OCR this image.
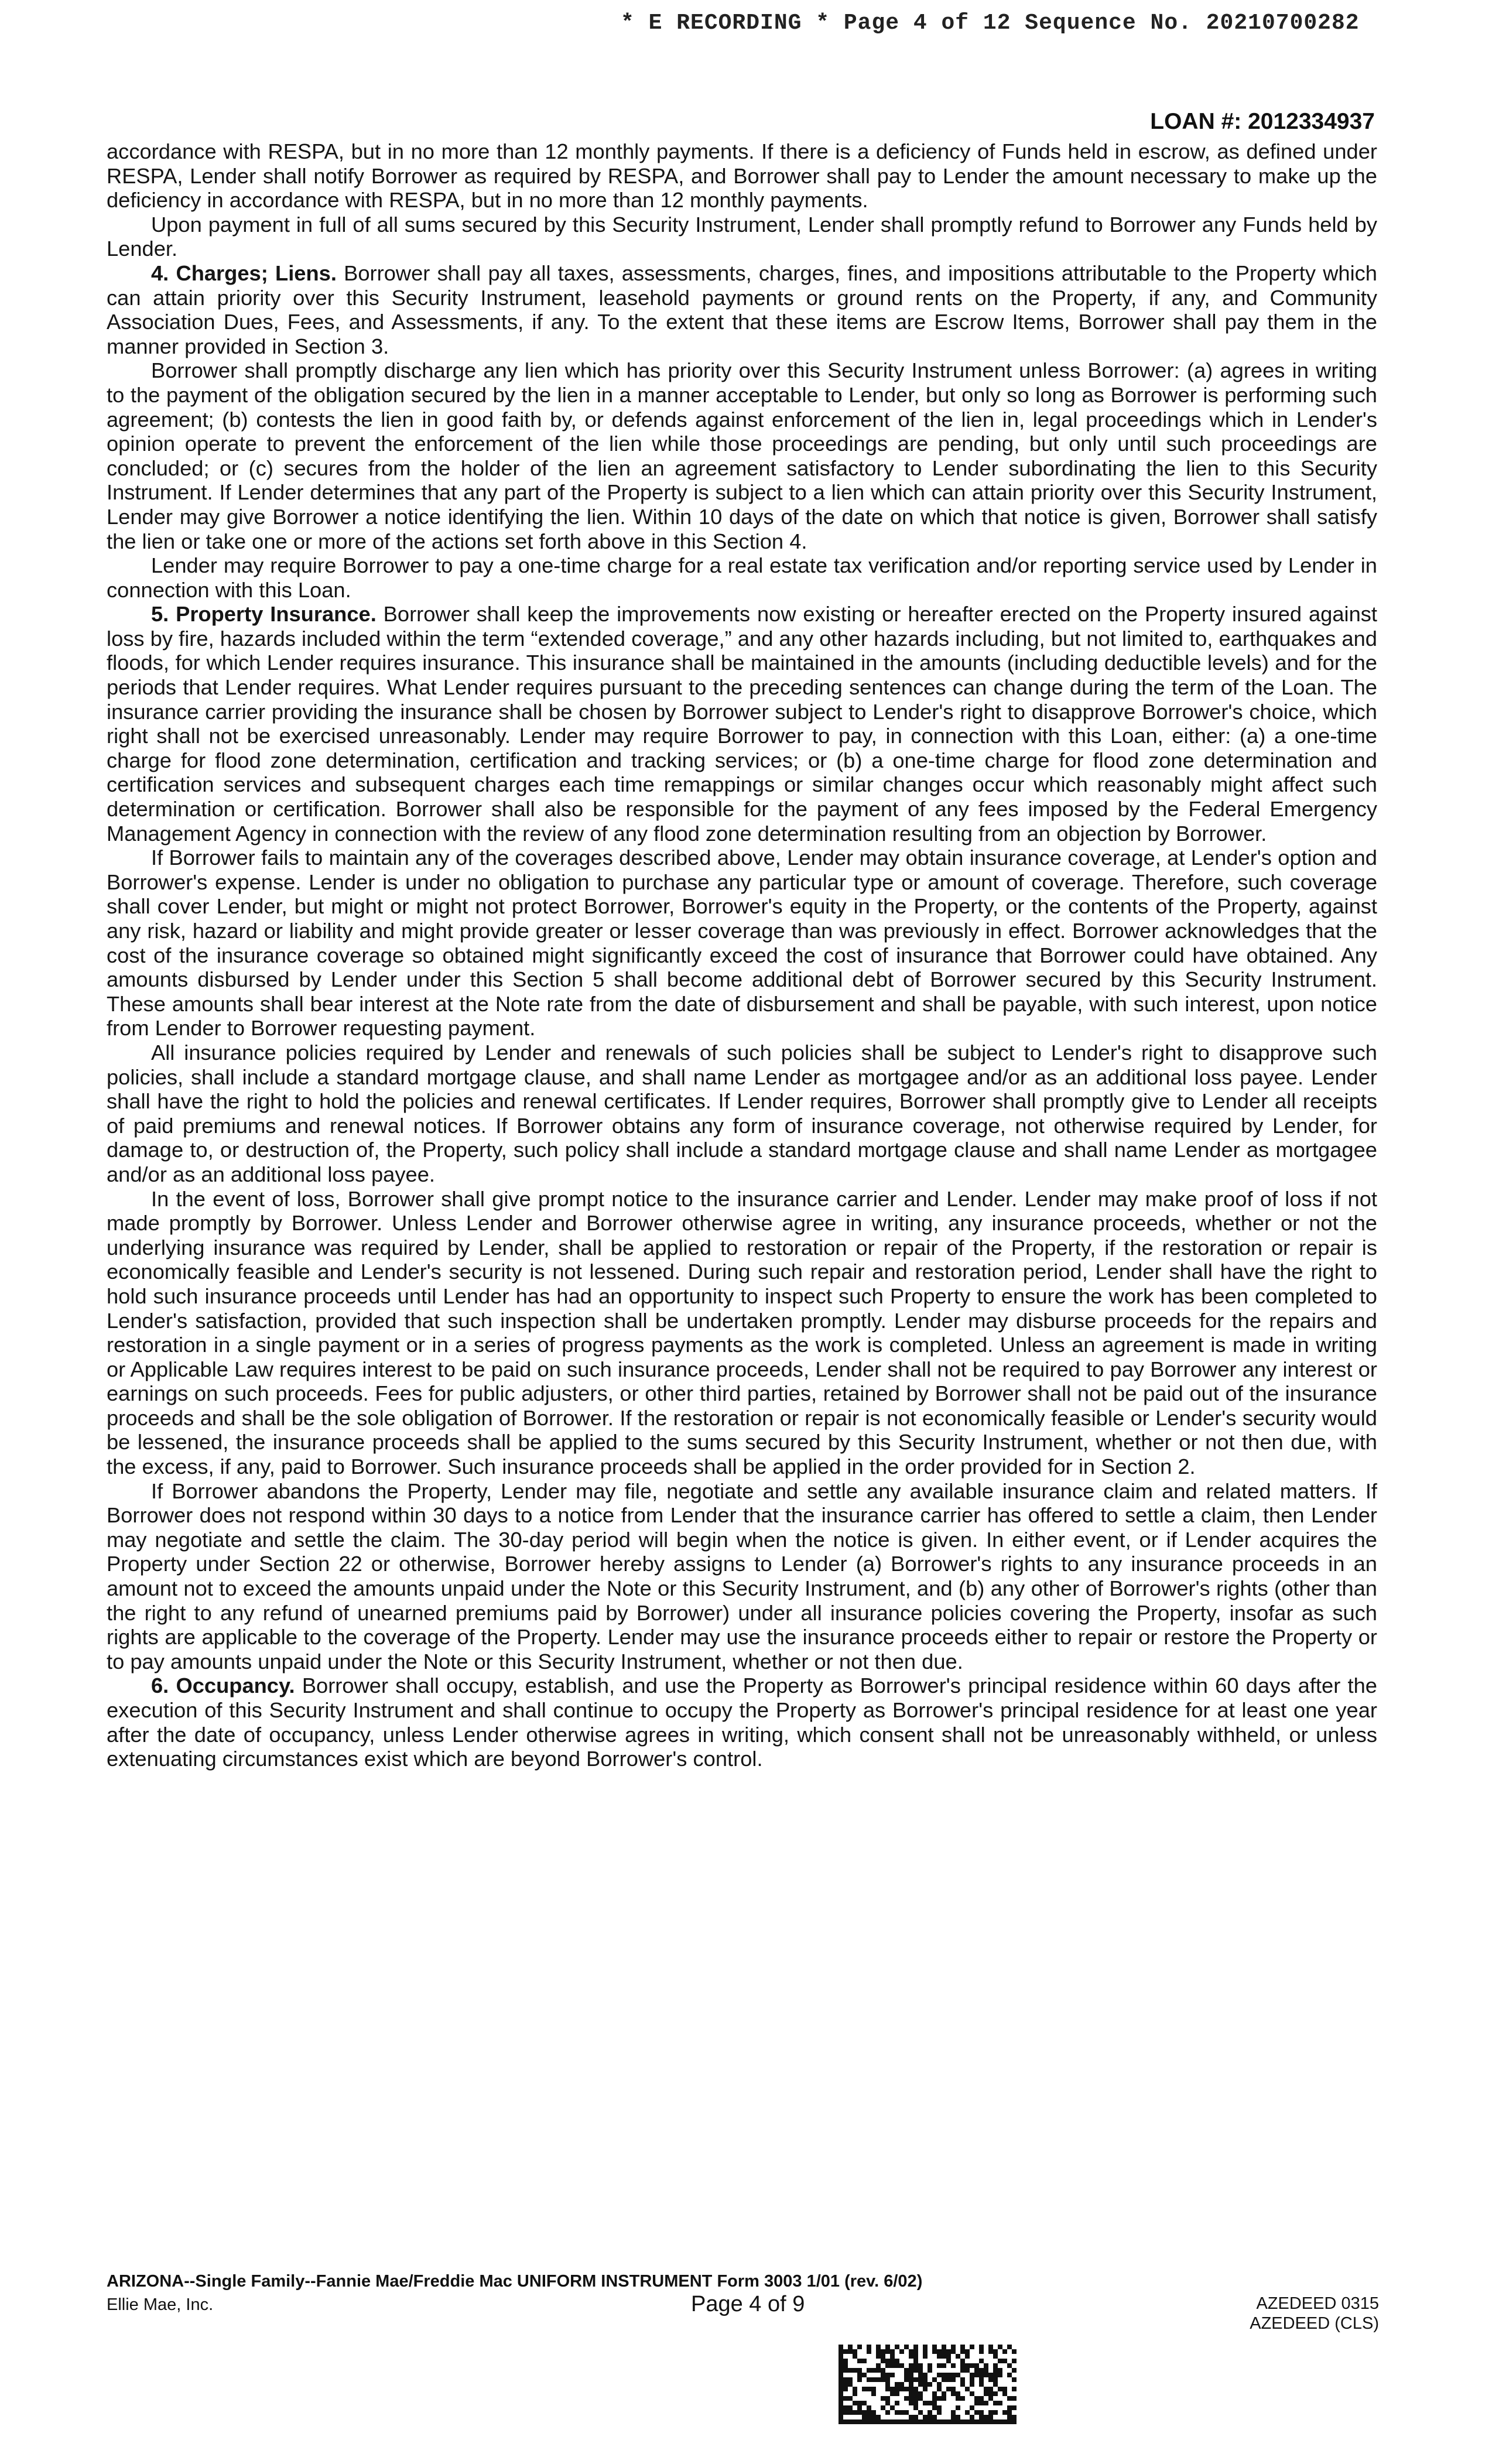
* E RECORDING * Page 4 of 12 Sequence No. 20210700282
LOAN #: 2012334937

accordance with RESPA, but in no more than 12 monthly payments. If there is a deficiency of Funds held in escrow, as defined under RESPA, Lender shall notify Borrower as required by RESPA, and Borrower shall pay to Lender the amount necessary to make up the deficiency in accordance with RESPA, but in no more than 12 monthly payments.

Upon payment in full of all sums secured by this Security Instrument, Lender shall promptly refund to Borrower any Funds held by Lender.

4. Charges; Liens. Borrower shall pay all taxes, assessments, charges, fines, and impositions attributable to the Property which can attain priority over this Security Instrument, leasehold payments or ground rents on the Property, if any, and Community Association Dues, Fees, and Assessments, if any. To the extent that these items are Escrow Items, Borrower shall pay them in the manner provided in Section 3.

Borrower shall promptly discharge any lien which has priority over this Security Instrument unless Borrower: (a) agrees in writing to the payment of the obligation secured by the lien in a manner acceptable to Lender, but only so long as Borrower is performing such agreement; (b) contests the lien in good faith by, or defends against enforcement of the lien in, legal proceedings which in Lender's opinion operate to prevent the enforcement of the lien while those proceedings are pending, but only until such proceedings are concluded; or (c) secures from the holder of the lien an agreement satisfactory to Lender subordinating the lien to this Security Instrument. If Lender determines that any part of the Property is subject to a lien which can attain priority over this Security Instrument, Lender may give Borrower a notice identifying the lien. Within 10 days of the date on which that notice is given, Borrower shall satisfy the lien or take one or more of the actions set forth above in this Section 4.

Lender may require Borrower to pay a one-time charge for a real estate tax verification and/or reporting service used by Lender in connection with this Loan.

5. Property Insurance. Borrower shall keep the improvements now existing or hereafter erected on the Property insured against loss by fire, hazards included within the term “extended coverage,” and any other hazards including, but not limited to, earthquakes and floods, for which Lender requires insurance. This insurance shall be maintained in the amounts (including deductible levels) and for the periods that Lender requires. What Lender requires pursuant to the preceding sentences can change during the term of the Loan. The insurance carrier providing the insurance shall be chosen by Borrower subject to Lender's right to disapprove Borrower's choice, which right shall not be exercised unreasonably. Lender may require Borrower to pay, in connection with this Loan, either: (a) a one-time charge for flood zone determination, certification and tracking services; or (b) a one-time charge for flood zone determination and certification services and subsequent charges each time remappings or similar changes occur which reasonably might affect such determination or certification. Borrower shall also be responsible for the payment of any fees imposed by the Federal Emergency Management Agency in connection with the review of any flood zone determination resulting from an objection by Borrower.

If Borrower fails to maintain any of the coverages described above, Lender may obtain insurance coverage, at Lender's option and Borrower's expense. Lender is under no obligation to purchase any particular type or amount of coverage. Therefore, such coverage shall cover Lender, but might or might not protect Borrower, Borrower's equity in the Property, or the contents of the Property, against any risk, hazard or liability and might provide greater or lesser coverage than was previously in effect. Borrower acknowledges that the cost of the insurance coverage so obtained might significantly exceed the cost of insurance that Borrower could have obtained. Any amounts disbursed by Lender under this Section 5 shall become additional debt of Borrower secured by this Security Instrument. These amounts shall bear interest at the Note rate from the date of disbursement and shall be payable, with such interest, upon notice from Lender to Borrower requesting payment.

All insurance policies required by Lender and renewals of such policies shall be subject to Lender's right to disapprove such policies, shall include a standard mortgage clause, and shall name Lender as mortgagee and/or as an additional loss payee. Lender shall have the right to hold the policies and renewal certificates. If Lender requires, Borrower shall promptly give to Lender all receipts of paid premiums and renewal notices. If Borrower obtains any form of insurance coverage, not otherwise required by Lender, for damage to, or destruction of, the Property, such policy shall include a standard mortgage clause and shall name Lender as mortgagee and/or as an additional loss payee.

In the event of loss, Borrower shall give prompt notice to the insurance carrier and Lender. Lender may make proof of loss if not made promptly by Borrower. Unless Lender and Borrower otherwise agree in writing, any insurance proceeds, whether or not the underlying insurance was required by Lender, shall be applied to restoration or repair of the Property, if the restoration or repair is economically feasible and Lender's security is not lessened. During such repair and restoration period, Lender shall have the right to hold such insurance proceeds until Lender has had an opportunity to inspect such Property to ensure the work has been completed to Lender's satisfaction, provided that such inspection shall be undertaken promptly. Lender may disburse proceeds for the repairs and restoration in a single payment or in a series of progress payments as the work is completed. Unless an agreement is made in writing or Applicable Law requires interest to be paid on such insurance proceeds, Lender shall not be required to pay Borrower any interest or earnings on such proceeds. Fees for public adjusters, or other third parties, retained by Borrower shall not be paid out of the insurance proceeds and shall be the sole obligation of Borrower. If the restoration or repair is not economically feasible or Lender's security would be lessened, the insurance proceeds shall be applied to the sums secured by this Security Instrument, whether or not then due, with the excess, if any, paid to Borrower. Such insurance proceeds shall be applied in the order provided for in Section 2.

If Borrower abandons the Property, Lender may file, negotiate and settle any available insurance claim and related matters. If Borrower does not respond within 30 days to a notice from Lender that the insurance carrier has offered to settle a claim, then Lender may negotiate and settle the claim. The 30-day period will begin when the notice is given. In either event, or if Lender acquires the Property under Section 22 or otherwise, Borrower hereby assigns to Lender (a) Borrower's rights to any insurance proceeds in an amount not to exceed the amounts unpaid under the Note or this Security Instrument, and (b) any other of Borrower's rights (other than the right to any refund of unearned premiums paid by Borrower) under all insurance policies covering the Property, insofar as such rights are applicable to the coverage of the Property. Lender may use the insurance proceeds either to repair or restore the Property or to pay amounts unpaid under the Note or this Security Instrument, whether or not then due.

6. Occupancy. Borrower shall occupy, establish, and use the Property as Borrower's principal residence within 60 days after the execution of this Security Instrument and shall continue to occupy the Property as Borrower's principal residence for at least one year after the date of occupancy, unless Lender otherwise agrees in writing, which consent shall not be unreasonably withheld, or unless extenuating circumstances exist which are beyond Borrower's control.

ARIZONA--Single Family--Fannie Mae/Freddie Mac UNIFORM INSTRUMENT Form 3003 1/01 (rev. 6/02)
Ellie Mae, Inc.	Page 4 of 9	AZEDEED 0315
AZEDEED (CLS)
